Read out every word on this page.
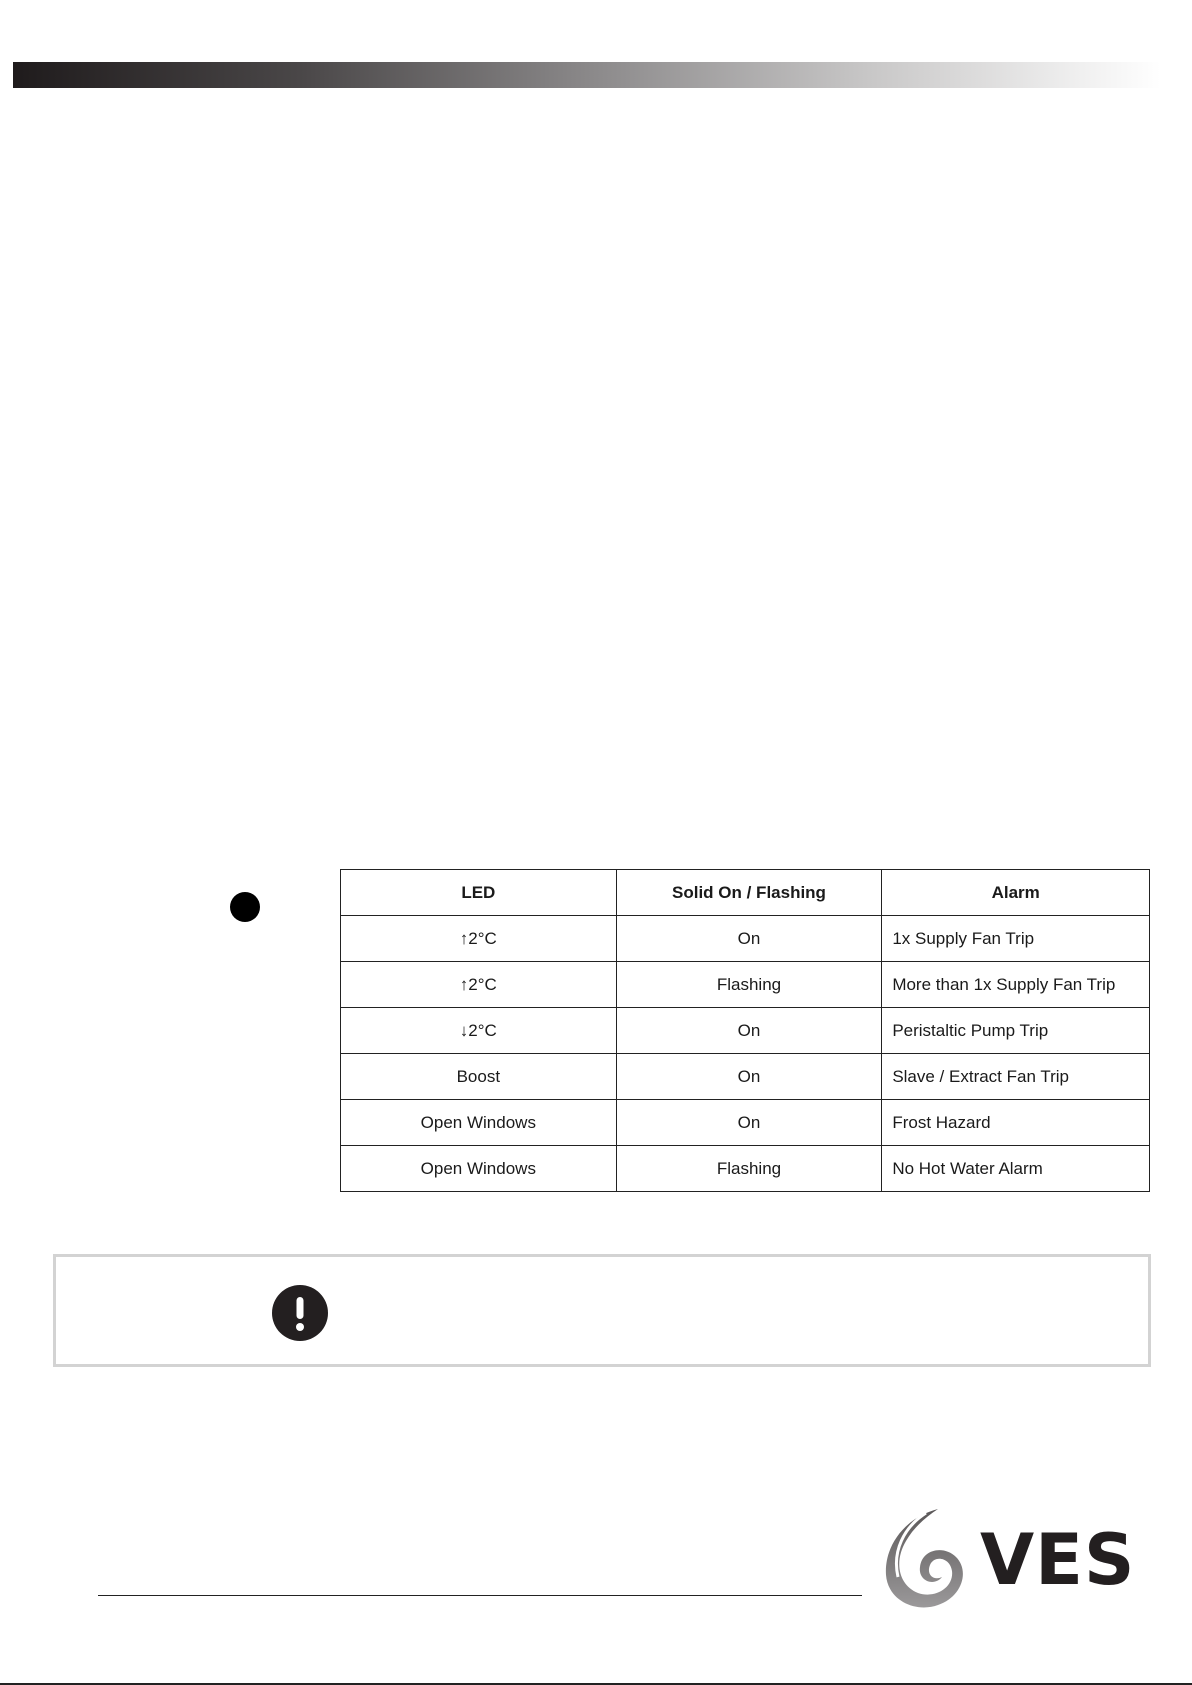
LED	Solid On / Flashing	Alarm
↑2°C	On	1x Supply Fan Trip
↑2°C	Flashing	More than 1x Supply Fan Trip
↓2°C	On	Peristaltic Pump Trip
Boost	On	Slave / Extract Fan Trip
Open Windows	On	Frost Hazard
Open Windows	Flashing	No Hot Water Alarm
VES
